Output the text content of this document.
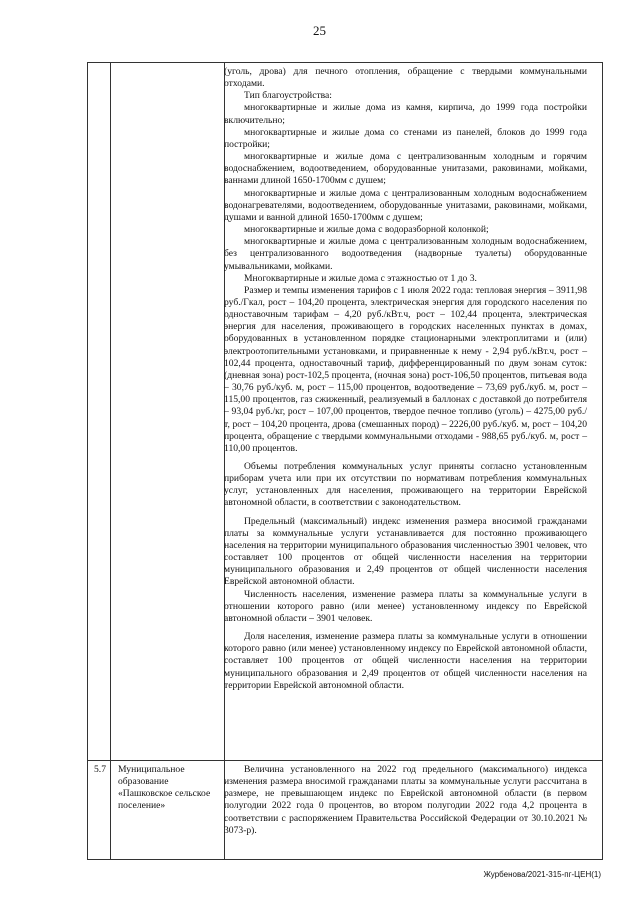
25

(уголь, дрова) для печного отопления, обращение с твердыми коммунальными отходами.

Тип благоустройства:

многоквартирные и жилые дома из камня, кирпича, до 1999 года постройки включительно;

многоквартирные и жилые дома со стенами из панелей, блоков до 1999 года постройки;

многоквартирные и жилые дома с централизованным холодным и горячим водоснабжением, водоотведением, оборудованные унитазами, раковинами, мойками, ваннами длиной 1650-1700мм с душем;

многоквартирные и жилые дома с централизованным холодным водоснабжением водонагревателями, водоотведением, оборудованные унитазами, раковинами, мойками, душами и ванной длиной 1650-1700мм с душем;

многоквартирные и жилые дома с водоразборной колонкой;

многоквартирные и жилые дома с централизованным холодным водоснабжением, без централизованного водоотведения (надворные туалеты) оборудованные умывальниками, мойками.

Многоквартирные и жилые дома с этажностью от 1 до 3.

Размер и темпы изменения тарифов с 1 июля 2022 года: тепловая энергия – 3911,98 руб./Гкал, рост – 104,20 процента, электрическая энергия для городского населения по одноставочным тарифам – 4,20 руб./кВт.ч, рост – 102,44 процента, электрическая энергия для населения, проживающего в городских населенных пунктах в домах, оборудованных в установленном порядке стационарными электроплитами и (или) электроотопительными установками, и приравненные к нему - 2,94 руб./кВт.ч, рост – 102,44 процента, одноставочный тариф, дифференцированный по двум зонам суток: (дневная зона) рост-102,5 процента, (ночная зона) рост-106,50 процентов, питьевая вода – 30,76 руб./куб. м, рост – 115,00 процентов, водоотведение – 73,69 руб./куб. м, рост – 115,00 процентов, газ сжиженный, реализуемый в баллонах с доставкой до потребителя – 93,04 руб./кг, рост – 107,00 процентов, твердое печное топливо (уголь) – 4275,00 руб./т, рост – 104,20 процента, дрова (смешанных пород) – 2226,00 руб./куб. м, рост – 104,20 процента, обращение с твердыми коммунальными отходами - 988,65 руб./куб. м, рост – 110,00 процентов.

Объемы потребления коммунальных услуг приняты согласно установленным приборам учета или при их отсутствии по нормативам потребления коммунальных услуг, установленных для населения, проживающего на территории Еврейской автономной области, в соответствии с законодательством.

Предельный (максимальный) индекс изменения размера вносимой гражданами платы за коммунальные услуги устанавливается для постоянно проживающего населения на территории муниципального образования численностью 3901 человек, что составляет 100 процентов от общей численности населения на территории муниципального образования и 2,49 процентов от общей численности населения Еврейской автономной области.

Численность населения, изменение размера платы за коммунальные услуги в отношении которого равно (или менее) установленному индексу по Еврейской автономной области – 3901 человек.

Доля населения, изменение размера платы за коммунальные услуги в отношении которого равно (или менее) установленному индексу по Еврейской автономной области, составляет 100 процентов от общей численности населения на территории муниципального образования и 2,49 процентов от общей численности населения на территории Еврейской автономной области.

5.7 Муниципальное образование «Пашковское сельское поселение»

Величина установленного на 2022 год предельного (максимального) индекса изменения размера вносимой гражданами платы за коммунальные услуги рассчитана в размере, не превышающем индекс по Еврейской автономной области (в первом полугодии 2022 года 0 процентов, во втором полугодии 2022 года 4,2 процента в соответствии с распоряжением Правительства Российской Федерации от 30.10.2021 № 3073-р).

Журбенова/2021-315-пг-ЦЕН(1)
